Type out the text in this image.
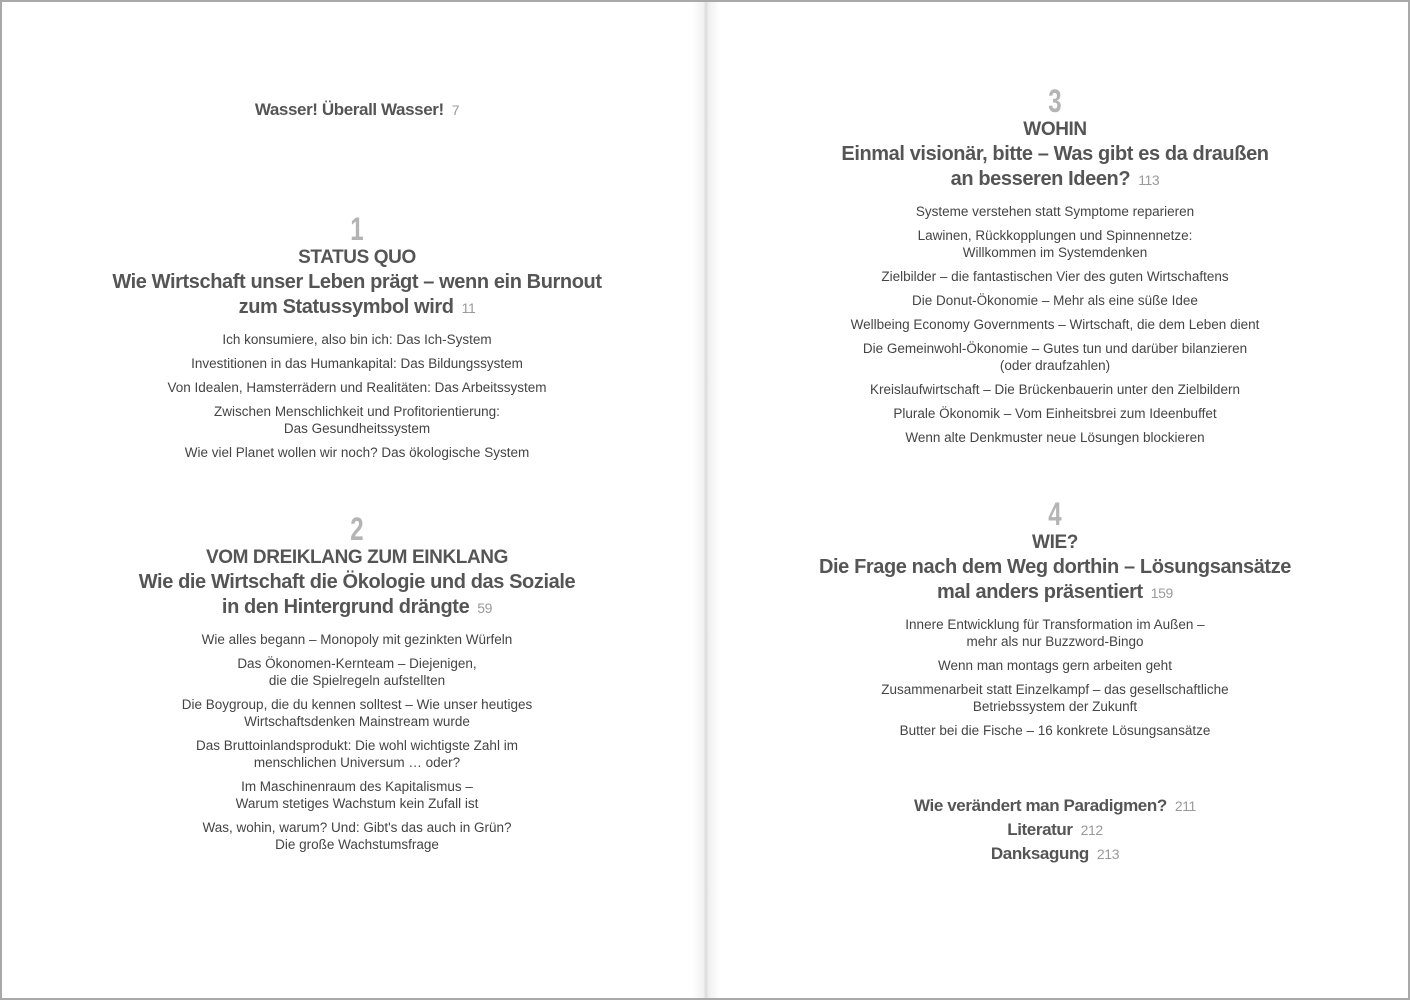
Wasser! Überall Wasser! 7
1
STATUS QUO
Wie Wirtschaft unser Leben prägt – wenn ein Burnout
zum Statussymbol wird 11
Ich konsumiere, also bin ich: Das Ich-System
Investitionen in das Humankapital: Das Bildungssystem
Von Idealen, Hamsterrädern und Realitäten: Das Arbeitssystem
Zwischen Menschlichkeit und Profitorientierung:
Das Gesundheitssystem
Wie viel Planet wollen wir noch? Das ökologische System
2
VOM DREIKLANG ZUM EINKLANG
Wie die Wirtschaft die Ökologie und das Soziale
in den Hintergrund drängte 59
Wie alles begann – Monopoly mit gezinkten Würfeln
Das Ökonomen-Kernteam – Diejenigen,
die die Spielregeln aufstellten
Die Boygroup, die du kennen solltest – Wie unser heutiges
Wirtschaftsdenken Mainstream wurde
Das Bruttoinlandsprodukt: Die wohl wichtigste Zahl im
menschlichen Universum … oder?
Im Maschinenraum des Kapitalismus –
Warum stetiges Wachstum kein Zufall ist
Was, wohin, warum? Und: Gibt's das auch in Grün?
Die große Wachstumsfrage
3
WOHIN
Einmal visionär, bitte – Was gibt es da draußen
an besseren Ideen? 113
Systeme verstehen statt Symptome reparieren
Lawinen, Rückkopplungen und Spinnennetze:
Willkommen im Systemdenken
Zielbilder – die fantastischen Vier des guten Wirtschaftens
Die Donut-Ökonomie – Mehr als eine süße Idee
Wellbeing Economy Governments – Wirtschaft, die dem Leben dient
Die Gemeinwohl-Ökonomie – Gutes tun und darüber bilanzieren
(oder draufzahlen)
Kreislaufwirtschaft – Die Brückenbauerin unter den Zielbildern
Plurale Ökonomik – Vom Einheitsbrei zum Ideenbuffet
Wenn alte Denkmuster neue Lösungen blockieren
4
WIE?
Die Frage nach dem Weg dorthin – Lösungsansätze
mal anders präsentiert 159
Innere Entwicklung für Transformation im Außen –
mehr als nur Buzzword-Bingo
Wenn man montags gern arbeiten geht
Zusammenarbeit statt Einzelkampf – das gesellschaftliche
Betriebssystem der Zukunft
Butter bei die Fische – 16 konkrete Lösungsansätze
Wie verändert man Paradigmen? 211
Literatur 212
Danksagung 213
